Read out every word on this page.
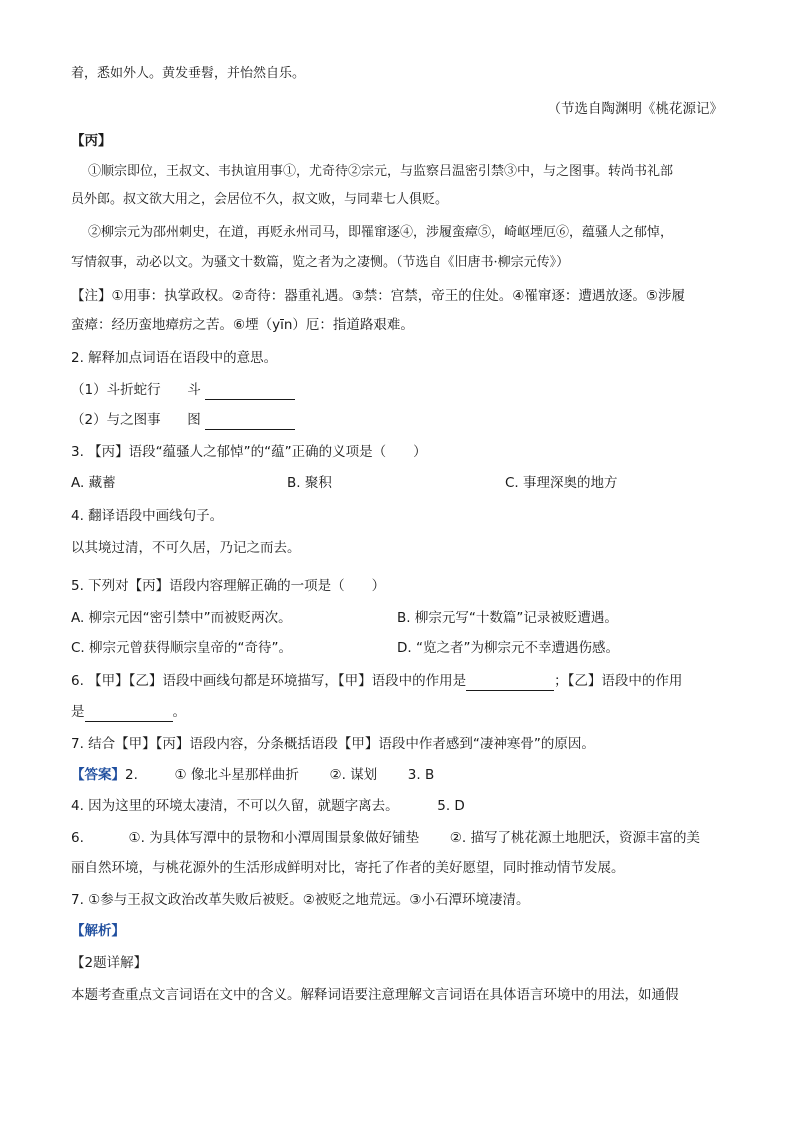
着，悉如外人。黄发垂髫，并怡然自乐。
（节选自陶渊明《桃花源记》
【丙】
①顺宗即位，王叔文、韦执谊用事①，尤奇待②宗元，与监察吕温密引禁③中，与之图事。转尚书礼部
员外郎。叔文欲大用之，会居位不久，叔文败，与同辈七人俱贬。
②柳宗元为邵州刺史，在道，再贬永州司马，即罹窜逐④，涉履蛮瘴⑤，崎岖堙厄⑥，蕴骚人之郁悼，
写情叙事，动必以文。为骚文十数篇，览之者为之凄恻。（节选自《旧唐书·柳宗元传》）
【注】①用事：执掌政权。②奇待：器重礼遇。③禁：宫禁，帝王的住处。④罹窜逐：遭遇放逐。⑤涉履
蛮瘴：经历蛮地瘴疠之苦。⑥堙（yīn）厄：指道路艰难。
2. 解释加点词语在语段中的意思。
（1）斗折蛇行 斗
（2）与之图事 图
3. 【丙】语段“蕴骚人之郁悼”的“蕴”正确的义项是（　　）
A. 藏蓄	B. 聚积	C. 事理深奥的地方
4. 翻译语段中画线句子。
以其境过清，不可久居，乃记之而去。
5. 下列对【丙】语段内容理解正确的一项是（　　）
A. 柳宗元因“密引禁中”而被贬两次。	B. 柳宗元写“十数篇”记录被贬遭遇。
C. 柳宗元曾获得顺宗皇帝的“奇待”。	D. “览之者”为柳宗元不幸遭遇伤感。
6. 【甲】【乙】语段中画线句都是环境描写，【甲】语段中的作用是	；【乙】语段中的作用
是	。
7. 结合【甲】【丙】语段内容，分条概括语段【甲】语段中作者感到“凄神寒骨”的原因。
【答案】2.	① 像北斗星那样曲折 ②. 谋划 3. B
4. 因为这里的环境太凄清，不可以久留，就题字离去。	5. D
6.	①. 为具体写潭中的景物和小潭周围景象做好铺垫 ②. 描写了桃花源土地肥沃，资源丰富的美
丽自然环境，与桃花源外的生活形成鲜明对比，寄托了作者的美好愿望，同时推动情节发展。
7. ①参与王叔文政治改革失败后被贬。②被贬之地荒远。③小石潭环境凄清。
【解析】
【2题详解】
本题考查重点文言词语在文中的含义。解释词语要注意理解文言词语在具体语言环境中的用法，如通假
